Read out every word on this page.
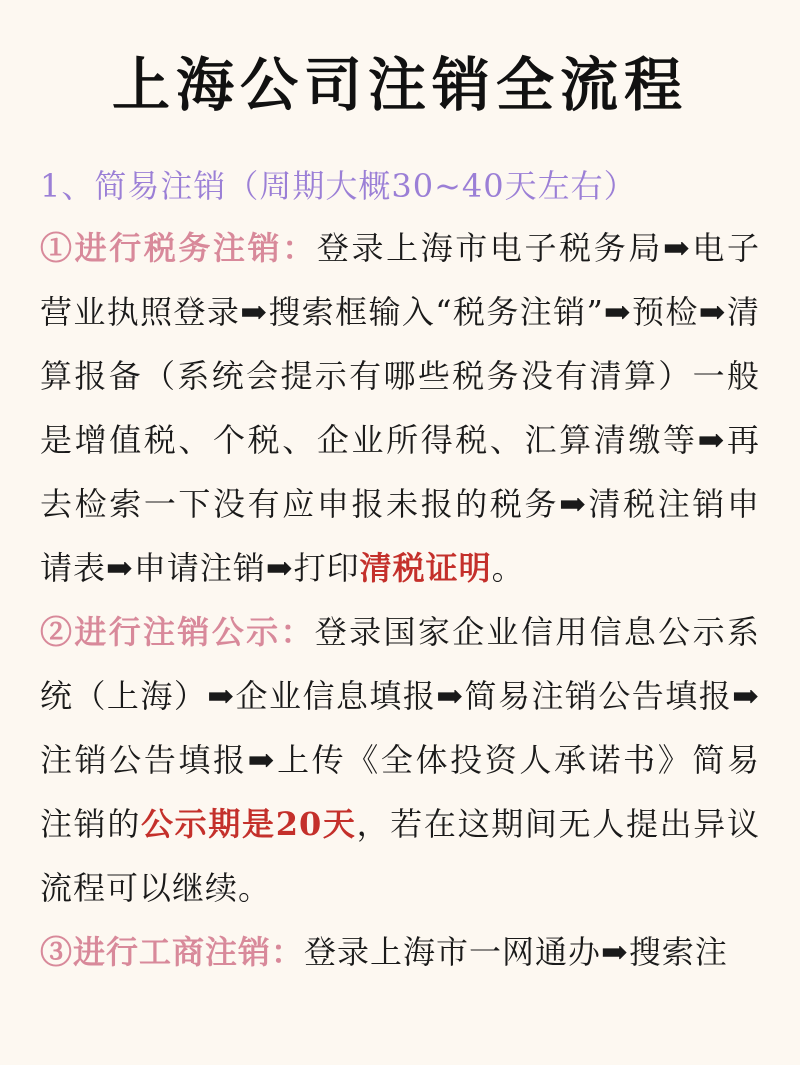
上海公司注销全流程

1、简易注销（周期大概30~40天左右）

①进行税务注销：登录上海市电子税务局➡电子营业执照登录➡搜索框输入“税务注销”➡预检➡清算报备（系统会提示有哪些税务没有清算）一般是增值税、个税、企业所得税、汇算清缴等➡再去检索一下没有应申报未报的税务➡清税注销申请表➡申请注销➡打印清税证明。

②进行注销公示：登录国家企业信用信息公示系统（上海）➡企业信息填报➡简易注销公告填报➡注销公告填报➡上传《全体投资人承诺书》简易注销的公示期是20天，若在这期间无人提出异议流程可以继续。

③进行工商注销：登录上海市一网通办➡搜索注
